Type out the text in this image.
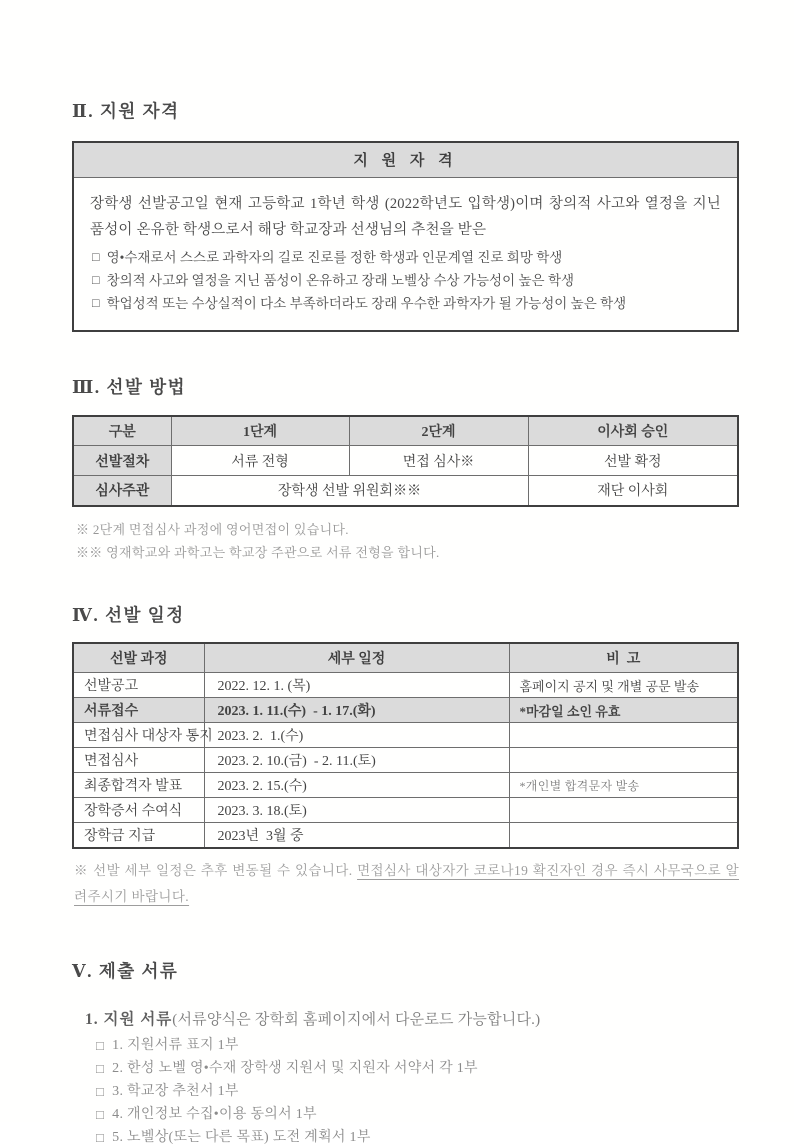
Ⅱ. 지원 자격
지 원 자 격

장학생 선발공고일 현재 고등학교 1학년 학생 (2022학년도 입학생)이며 창의적 사고와 열정을 지닌 품성이 온유한 학생으로서 해당 학교장과 선생님의 추천을 받은

□ 영•수재로서 스스로 과학자의 길로 진로를 정한 학생과 인문계열 진로 희망 학생
□ 창의적 사고와 열정을 지닌 품성이 온유하고 장래 노벨상 수상 가능성이 높은 학생
□ 학업성적 또는 수상실적이 다소 부족하더라도 장래 우수한 과학자가 될 가능성이 높은 학생
Ⅲ. 선발 방법
구분	1단계	2단계	이사회 승인
선발절차	서류 전형	면접 심사※	선발 확정
심사주관	장학생 선발 위원회※※		재단 이사회

※ 2단계 면접심사 과정에 영어면접이 있습니다.

※※ 영재학교와 과학고는 학교장 주관으로 서류 전형을 합니다.

Ⅳ. 선발 일정
선발 과정	세부 일정	비  고
선발공고	2022. 12. 1. (목)	홈페이지 공지 및 개별 공문 발송
서류접수	2023. 1. 11.(수)  - 1. 17.(화)	*마감일 소인 유효
면접심사 대상자 통지	2023. 2.  1.(수)	
면접심사	2023. 2. 10.(금)  - 2. 11.(토)	
최종합격자 발표	2023. 2. 15.(수)	*개인별 합격문자 발송
장학증서 수여식	2023. 3. 18.(토)	
장학금 지급	2023년  3월 중	

※ 선발 세부 일정은 추후 변동될 수 있습니다. 면접심사 대상자가 코로나19 확진자인 경우 즉시 사무국으로 알려주시기 바랍니다.

Ⅴ. 제출 서류

1. 지원 서류(서류양식은 장학회 홈페이지에서 다운로드 가능합니다.)

□ 1. 지원서류 표지 1부
□ 2. 한성 노벨 영•수재 장학생 지원서 및 지원자 서약서 각 1부
□ 3. 학교장 추천서 1부
□ 4. 개인정보 수집•이용 동의서 1부
□ 5. 노벨상(또는 다른 목표) 도전 계획서 1부
